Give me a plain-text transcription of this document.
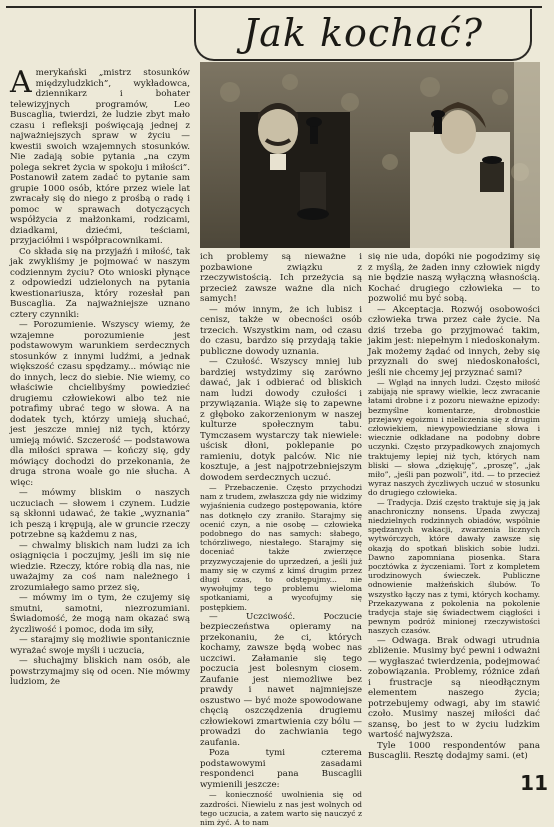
Jak kochać?

Amerykański „mistrz stosunków międzyludzkich”, wykładowca, dziennikarz i bohater telewizyjnych programów, Leo Buscaglia, twierdzi, że ludzie zbyt mało czasu i refleksji poświęcają jednej z najważniejszych spraw w życiu — kwestii swoich wzajemnych stosunków. Nie zadają sobie pytania „na czym polega sekret życia w spokoju i miłości”. Postanowił zatem zadać to pytanie sam grupie 1000 osób, które przez wiele lat zwracały się do niego z prośbą o radę i pomoc w sprawach dotyczących współżycia z małżonkami, rodzicami, dziadkami, dziećmi, teściami, przyjaciółmi i współpracownikami.

Co składa się na przyjaźń i miłość, tak jak zwykliśmy je pojmować w naszym codziennym życiu? Oto wnioski płynące z odpowiedzi udzielonych na pytania kwestionariusza, który rozesłał pan Buscaglia. Za najważniejsze uznano cztery czynniki:

— Porozumienie. Wszyscy wiemy, że wzajemne porozumienie jest podstawowym warunkiem serdecznych stosunków z innymi ludźmi, a jednak większość czasu spędzamy... mówiąc nie do innych, lecz do siebie. Nie wiemy, co właściwie chcielibyśmy powiedzieć drugiemu człowiekowi albo też nie potrafimy ubrać tego w słowa. A na dodatek tych, którzy umieją słuchać, jest jeszcze mniej niż tych, którzy umieją mówić. Szczerość — podstawowa dla miłości sprawa — kończy się, gdy mówiący dochodzi do przekonania, że druga strona woale go nie słucha. A więc:

— mówmy bliskim o naszych uczuciach — słowem i czynem. Ludzie są skłonni udawać, że takie „wyznania” ich peszą i krępują, ale w gruncie rzeczy potrzebne są każdemu z nas,

— chwalmy bliskich nam ludzi za ich osiągnięcia i poczujmy, jeśli im się nie wiedzie. Rzeczy, które robią dla nas, nie uważajmy za coś nam należnego i zrozumiałego samo przez się,

— mówmy im o tym, że czujemy się smutni, samotni, niezrozumiani. Świadomość, że mogą nam okazać swą życzliwość i pomoc, doda im siły,

— starajmy się możliwie spontanicznie wyrażać swoje myśli i uczucia,

— słuchajmy bliskich nam osób, ale powstrzymajmy się od ocen. Nie mówmy ludziom, że

ich problemy są nieważne i pozbawione związku z rzeczywistością. Ich przeżycia są przecież zawsze ważne dla nich samych!

— mów innym, że ich lubisz i cenisz, także w obecności osób trzecich. Wszystkim nam, od czasu do czasu, bardzo się przydają takie publiczne dowody uznania.

— Czułość. Wszyscy mniej lub bardziej wstydzimy się zarówno dawać, jak i odbierać od bliskich nam ludzi dowody czułości i przywiązania. Wiąże się to zapewne z głęboko zakorzenionym w naszej kulturze społecznym tabu. Tymczasem wystarczy tak niewiele: uścisk dłoni, poklepanie po ramieniu, dotyk palców. Nic nie kosztuje, a jest najpotrzebniejszym dowodem serdecznych uczuć.

— Przebaczenie. Często przychodzi nam z trudem, zwłaszcza gdy nie widzimy wyjaśnienia cudzego postępowania, które nas dotknęło czy zraniło. Starajmy się ocenić czyn, a nie osobę — człowieka podobnego do nas samych: słabego, tchórzliwego, niestałego. Starajmy się doceniać także zwierzęce przyzwyczajenie do uprzedzeń, a jeśli już mamy się w czymś z kimś drugim przez długi czas, to odstępujmy... nie wywołujmy tego problemu wieloma spotkaniami, a wycofujmy się postępkiem.

— Uczciwość. Poczucie bezpieczeństwa opieramy na przekonaniu, że ci, których kochamy, zawsze będą wobec nas uczciwi. Załamanie się tego poczucia jest bolesnym ciosem. Zaufanie jest niemożliwe bez prawdy i nawet najmniejsze oszustwo — być może spowodowane chęcią oszczędzenia drugiemu człowiekowi zmartwienia czy bólu — prowadzi do zachwiania tego zaufania.

Poza tymi czterema podstawowymi zasadami respondenci pana Buscaglii wymienili jeszcze:

— konieczność uwolnienia się od zazdrości. Niewielu z nas jest wolnych od tego uczucia, a zatem warto się nauczyć z nim żyć. A to nam

się nie uda, dopóki nie pogodzimy się z myślą, że żaden inny człowiek nigdy nie będzie naszą wyłączną własnością. Kochać drugiego człowieka — to pozwolić mu być sobą.

— Akceptacja. Rozwój osobowości człowieka trwa przez całe życie. Na dziś trzeba go przyjmować takim, jakim jest: niepełnym i niedoskonałym. Jak możemy żądać od innych, żeby się przyznali do swej niedoskonałości, jeśli nie chcemy jej przyznać sami?

— Wgląd na innych ludzi. Często miłość zabijają nie sprawy wielkie, lecz zwracanie łatami drobne i z pozoru nieważne epizody: bezmyślne komentarze, drobnostkie przejawy egoizmu i nieliczenia się z drugim człowiekiem, niewypowiedziane słowa i wiecznie odkładane na podobny dobre uczynki. Często przypadkowych znajomych traktujemy lepiej niż tych, których nam bliski — słowa „dziękuję”, „proszę”, „jak miło”, „jeśli pan pozwoli”, itd. — to przecież wyraz naszych życzliwych uczuć w stosunku do drugiego człowieka.

— Tradycja. Dziś często traktuje się ją jak anachroniczny nonsens. Upada zwyczaj niedzielnych rodzinnych obiadów, wspólnie spędzanych wakacji, zwarzenia licznych wytwórczych, które dawały zawsze się okazją do spotkań bliskich sobie ludzi. Dawno zapomniana piosenka. Stara pocztówka z życzeniami. Tort z kompletem urodzinowych świeczek. Publiczne odnowienie małżeńskich ślubów. To wszystko łączy nas z tymi, których kochamy. Przekazywana z pokolenia na pokolenie tradycja staje się świadectwem ciągłości i pewnym podróż minionej rzeczywistości naszych czasów.

— Odwaga. Brak odwagi utrudnia zbliżenie. Musimy być pewni i odważni — wygłaszać twierdzenia, podejmować zobowiązania. Problemy, różnice zdań i frustracje są nieodłącznym elementem naszego życia; potrzebujemy odwagi, aby im stawić czoło. Musimy naszej miłości dać szansę, bo jest to w życiu ludzkim wartość najwyższa.

Tyle 1000 respondentów pana Buscaglii. Resztę dodajmy sami. (et)

11
